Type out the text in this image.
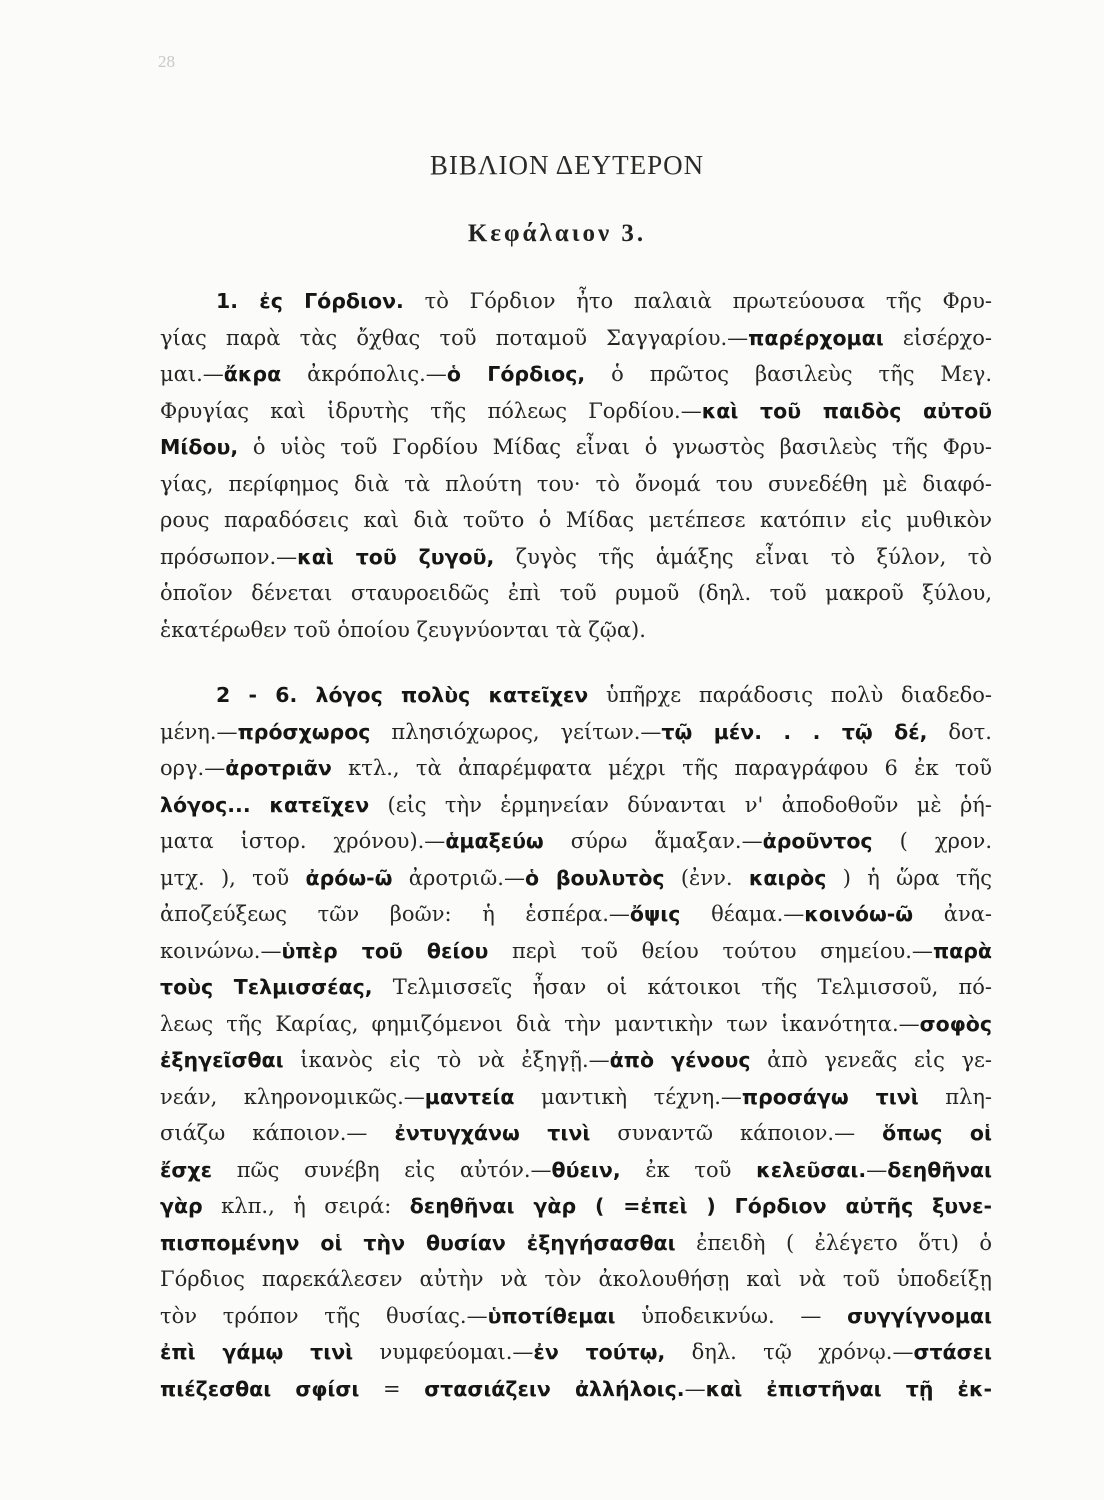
28
ΒΙΒΛΙΟΝ ΔΕΥΤΕΡΟΝ
Κεφάλαιον 3.
1. ἐς Γόρδιον. τὸ Γόρδιον ἦτο παλαιὰ πρωτεύουσα τῆς Φρυ-
γίας παρὰ τὰς ὄχθας τοῦ ποταμοῦ Σαγγαρίου.—παρέρχομαι εἰσέρχο-
μαι.—ἄκρα ἀκρόπολις.—ὁ Γόρδιος, ὁ πρῶτος βασιλεὺς τῆς Μεγ.
Φρυγίας καὶ ἱδρυτὴς τῆς πόλεως Γορδίου.—καὶ τοῦ παιδὸς αὐτοῦ
Μίδου, ὁ υἱὸς τοῦ Γορδίου Μίδας εἶναι ὁ γνωστὸς βασιλεὺς τῆς Φρυ-
γίας, περίφημος διὰ τὰ πλούτη του· τὸ ὄνομά του συνεδέθη μὲ διαφό-
ρους παραδόσεις καὶ διὰ τοῦτο ὁ Μίδας μετέπεσε κατόπιν εἰς μυθικὸν
πρόσωπον.—καὶ τοῦ ζυγοῦ, ζυγὸς τῆς ἁμάξης εἶναι τὸ ξύλον, τὸ
ὁποῖον δένεται σταυροειδῶς ἐπὶ τοῦ ρυμοῦ (δηλ. τοῦ μακροῦ ξύλου,
ἑκατέρωθεν τοῦ ὁποίου ζευγνύονται τὰ ζῷα).
2 - 6. λόγος πολὺς κατεῖχεν ὑπῆρχε παράδοσις πολὺ διαδεδο-
μένη.—πρόσχωρος πλησιόχωρος, γείτων.—τῷ μέν. . . τῷ δέ, δοτ.
οργ.—ἀροτριᾶν κτλ., τὰ ἀπαρέμφατα μέχρι τῆς παραγράφου 6 ἐκ τοῦ
λόγος... κατεῖχεν (εἰς τὴν ἑρμηνείαν δύνανται ν' ἀποδοθοῦν μὲ ῥή-
ματα ἱστορ. χρόνου).—ἁμαξεύω σύρω ἅμαξαν.—ἀροῦντος ( χρον.
μτχ. ), τοῦ ἀρόω-ῶ ἀροτριῶ.—ὁ βουλυτὸς (ἐνν. καιρὸς ) ἡ ὥρα τῆς
ἀποζεύξεως τῶν βοῶν: ἡ ἑσπέρα.—ὄψις θέαμα.—κοινόω-ῶ ἀνα-
κοινώνω.—ὑπὲρ τοῦ θείου περὶ τοῦ θείου τούτου σημείου.—παρὰ
τοὺς Τελμισσέας, Τελμισσεῖς ἦσαν οἱ κάτοικοι τῆς Τελμισσοῦ, πό-
λεως τῆς Καρίας, φημιζόμενοι διὰ τὴν μαντικὴν των ἱκανότητα.—σοφὸς
ἐξηγεῖσθαι ἱκανὸς εἰς τὸ νὰ ἐξηγῇ.—ἀπὸ γένους ἀπὸ γενεᾶς εἰς γε-
νεάν, κληρονομικῶς.—μαντεία μαντικὴ τέχνη.—προσάγω τινὶ πλη-
σιάζω κάποιον.— ἐντυγχάνω τινὶ συναντῶ κάποιον.— ὅπως οἱ
ἔσχε πῶς συνέβη εἰς αὐτόν.—θύειν, ἐκ τοῦ κελεῦσαι.—δεηθῆναι
γὰρ κλπ., ἡ σειρά: δεηθῆναι γὰρ ( =ἐπεὶ ) Γόρδιον αὐτῆς ξυνε-
πισπομένην οἱ τὴν θυσίαν ἐξηγήσασθαι ἐπειδὴ ( ἐλέγετο ὅτι) ὁ
Γόρδιος παρεκάλεσεν αὐτὴν νὰ τὸν ἀκολουθήσῃ καὶ νὰ τοῦ ὑποδείξῃ
τὸν τρόπον τῆς θυσίας.—ὑποτίθεμαι ὑποδεικνύω. — συγγίγνομαι
ἐπὶ γάμῳ τινὶ νυμφεύομαι.—ἐν τούτῳ, δηλ. τῷ χρόνῳ.—στάσει
πιέζεσθαι σφίσι = στασιάζειν ἀλλήλοις.—καὶ ἐπιστῆναι τῇ ἐκ-
